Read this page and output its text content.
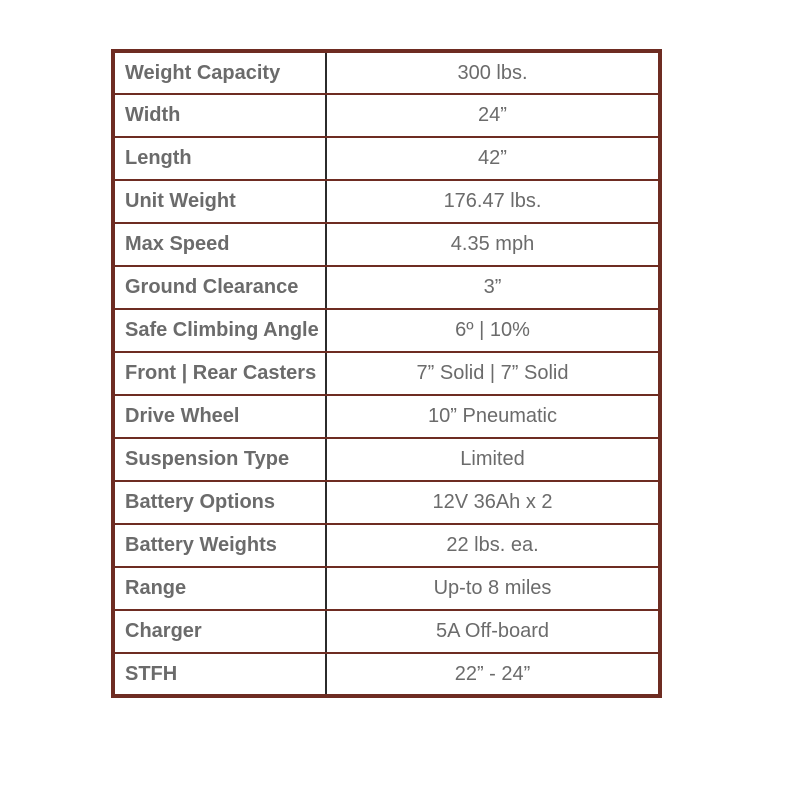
Weight Capacity	300 lbs.
Width	24”
Length	42”
Unit Weight	176.47 lbs.
Max Speed	4.35 mph
Ground Clearance	3”
Safe Climbing Angle	6º | 10%
Front | Rear Casters	7” Solid | 7” Solid
Drive Wheel	10” Pneumatic
Suspension Type	Limited
Battery Options	12V 36Ah x 2
Battery Weights	22 lbs. ea.
Range	Up-to 8 miles
Charger	5A Off-board
STFH	22” - 24”
